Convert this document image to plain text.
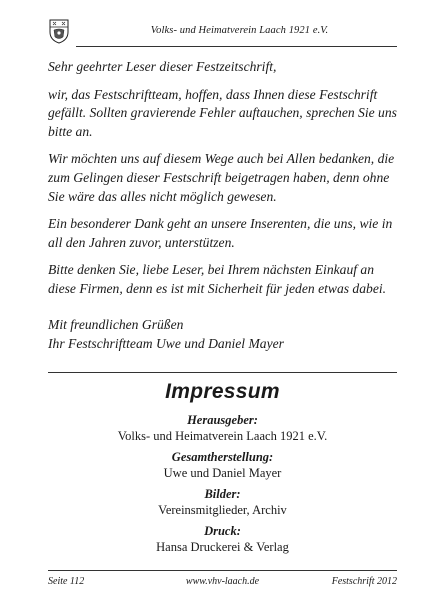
Volks- und Heimatverein Laach 1921 e.V.

Sehr geehrter Leser dieser Festzeitschrift,

wir, das Festschriftteam, hoffen, dass Ihnen diese Festschrift gefällt. Sollten gravierende Fehler auftauchen, sprechen Sie uns bitte an.

Wir möchten uns auf diesem Wege auch bei Allen bedanken, die zum Gelingen dieser Festschrift beigetragen haben, denn ohne Sie wäre das alles nicht möglich gewesen.

Ein besonderer Dank geht an unsere Inserenten, die uns, wie in all den Jahren zuvor, unterstützen.

Bitte denken Sie, liebe Leser, bei Ihrem nächsten Einkauf an diese Firmen, denn es ist mit Sicherheit für jeden etwas dabei.

Mit freundlichen Grüßen
Ihr Festschriftteam Uwe und Daniel Mayer
Impressum
Herausgeber:
Volks- und Heimatverein Laach 1921 e.V.
Gesamtherstellung:
Uwe und Daniel Mayer
Bilder:
Vereinsmitglieder, Archiv
Druck:
Hansa Druckerei & Verlag
Seite 112	www.vhv-laach.de	Festschrift 2012
